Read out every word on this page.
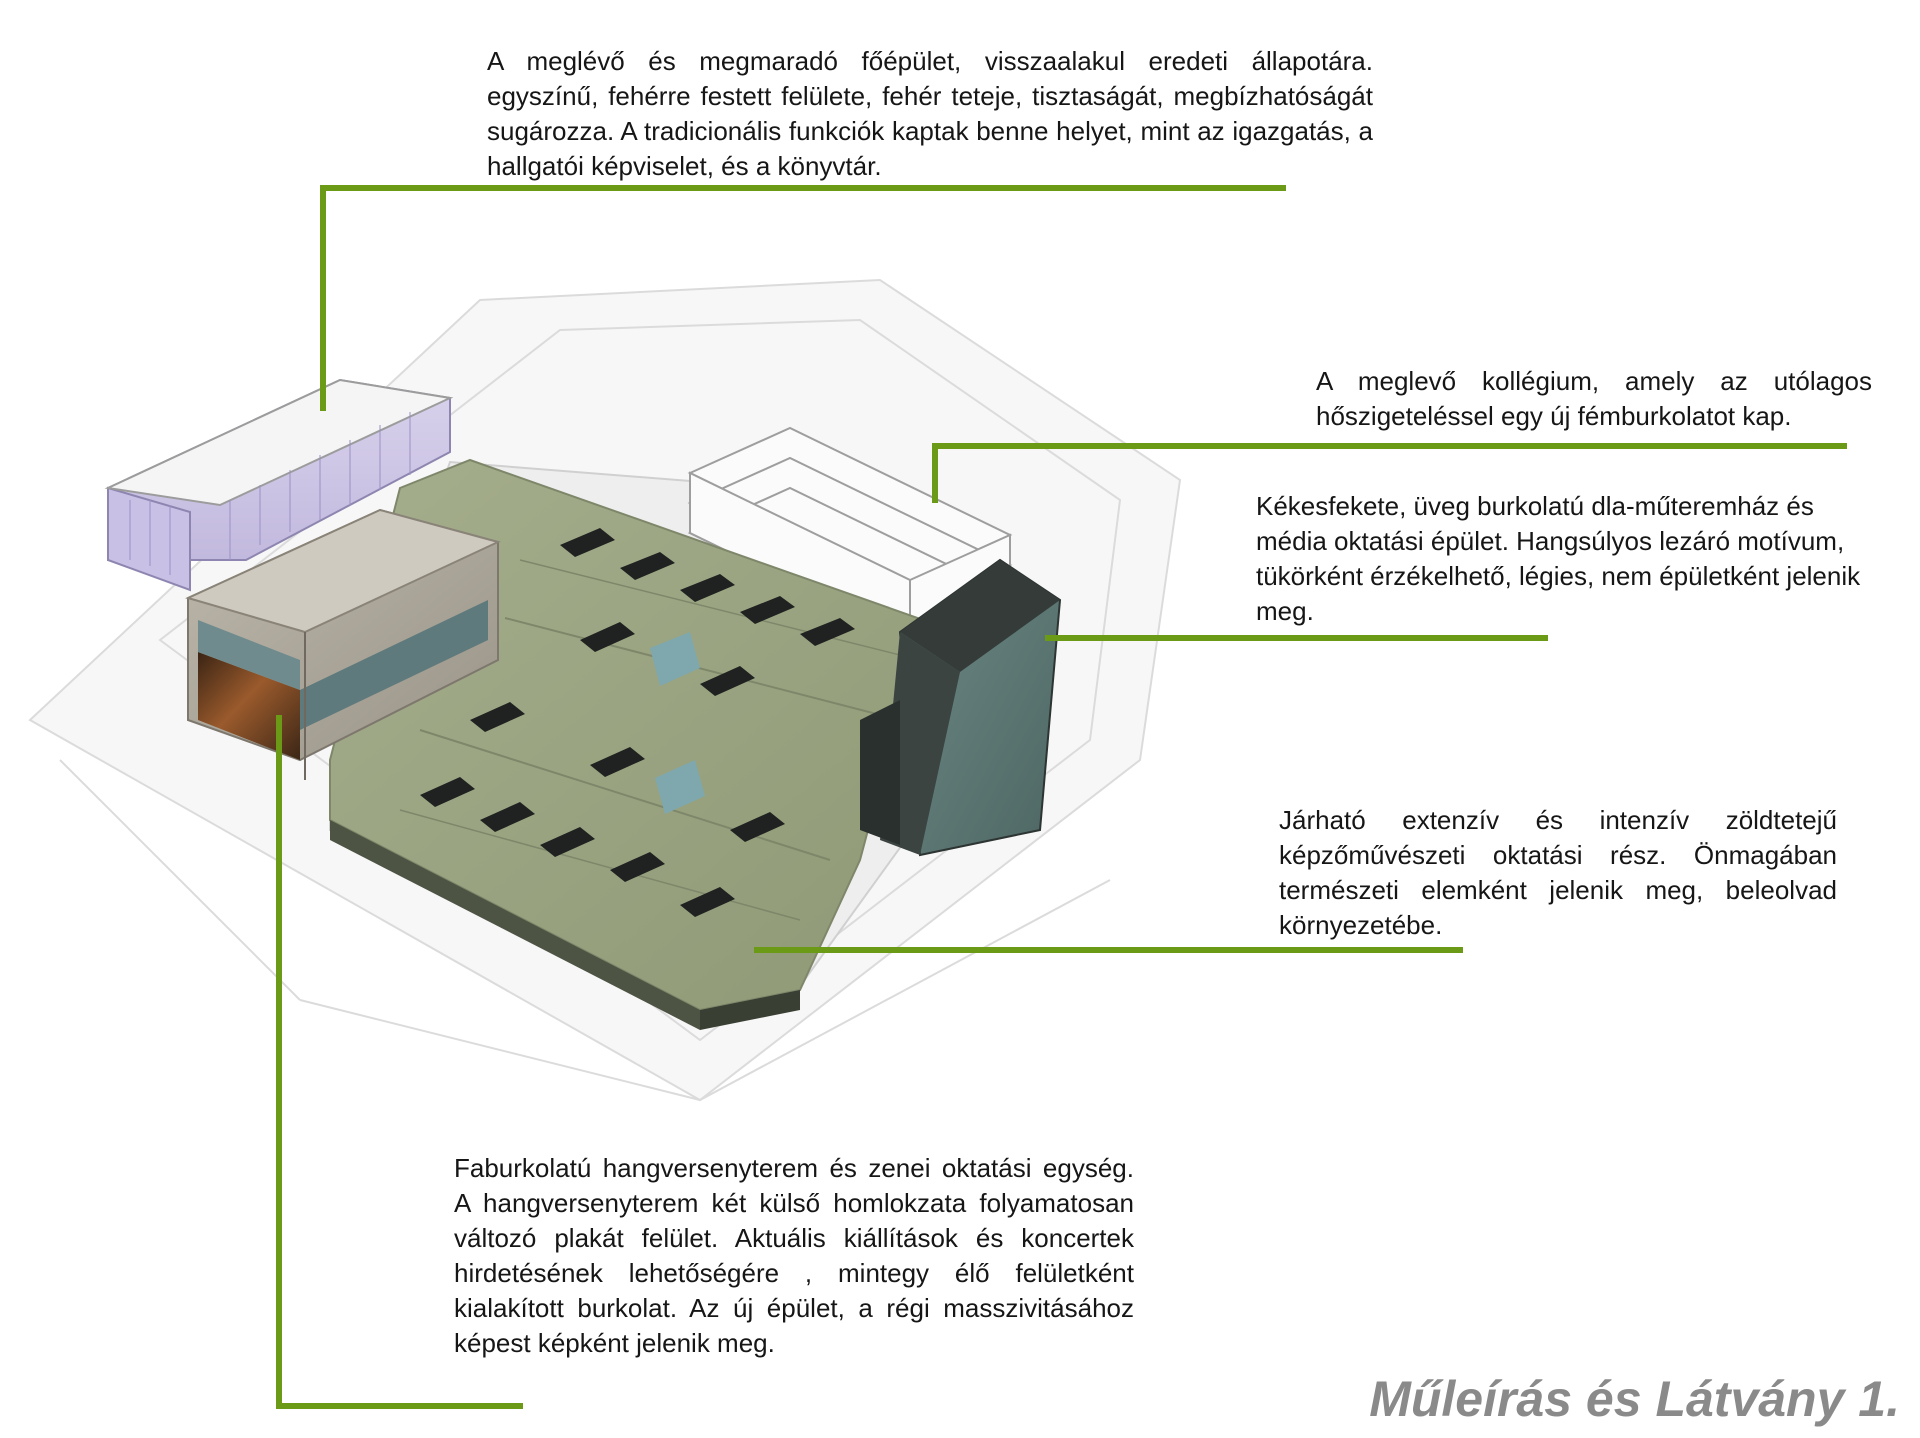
A meglévő és megmaradó főépület, visszaalakul eredeti állapotára. egyszínű, fehérre festett felülete, fehér teteje, tisztaságát, megbízhatóságát sugározza. A tradicionális funkciók kaptak benne helyet, mint az igazgatás, a hallgatói képviselet, és a könyvtár.

A meglevő kollégium, amely az utólagos hőszigeteléssel egy új fémburkolatot kap.

Kékesfekete, üveg burkolatú dla-műteremház és média oktatási épület. Hangsúlyos lezáró motívum, tükörként érzékelhető, légies, nem épületként jelenik meg.

Járható extenzív és intenzív zöldtetejű képzőművészeti oktatási rész. Önmagában természeti elemként jelenik meg, beleolvad környezetébe.

Faburkolatú hangversenyterem és zenei oktatási egység. A hangversenyterem két külső homlokzata folyamatosan változó plakát felület. Aktuális kiállítások és koncertek hirdetésének lehetőségére , mintegy élő felületként kialakított burkolat. Az új épület, a régi masszivitásához képest képként jelenik meg.

Műleírás és Látvány 1.
